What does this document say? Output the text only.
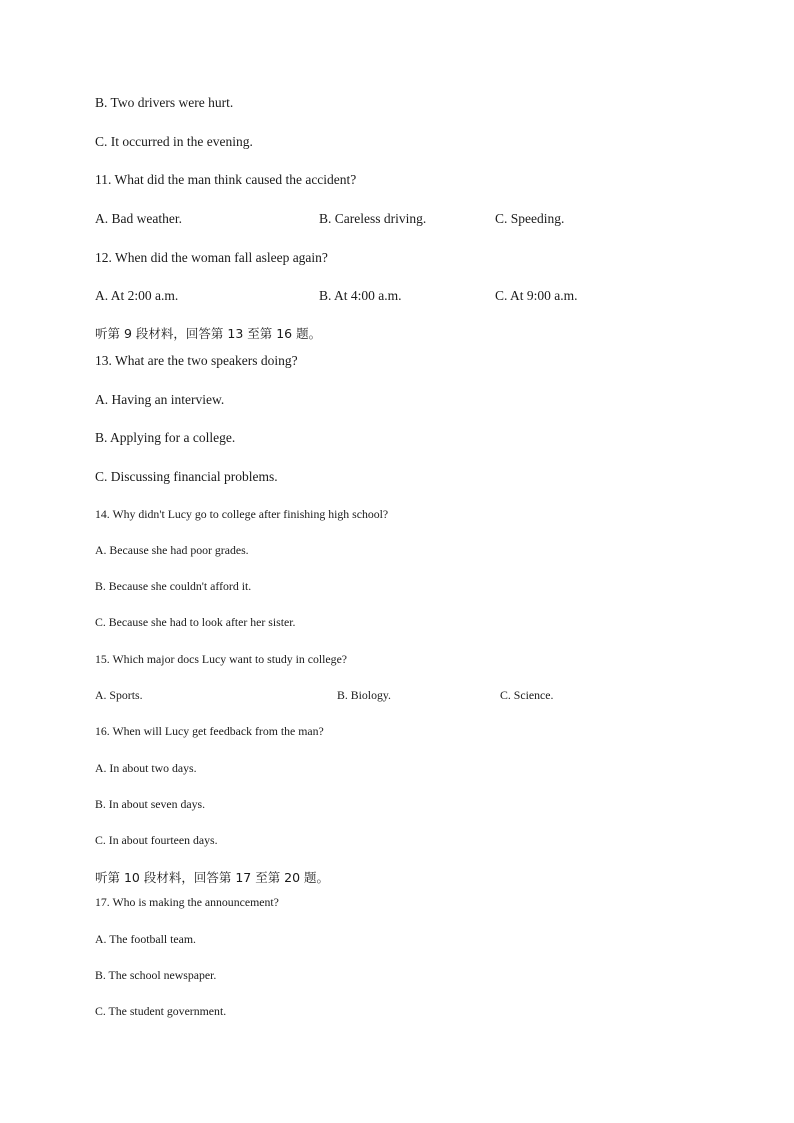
B. Two drivers were hurt.
C. It occurred in the evening.
11. What did the man think caused the accident?
A. Bad weather.	B. Careless driving.	C. Speeding.
12. When did the woman fall asleep again?
A. At 2:00 a.m.	B. At 4:00 a.m.	C. At 9:00 a.m.
听第 9 段材料，回答第 13 至第 16 题。
13. What are the two speakers doing?
A. Having an interview.
B. Applying for a college.
C. Discussing financial problems.
14. Why didn't Lucy go to college after finishing high school?
A. Because she had poor grades.
B. Because she couldn't afford it.
C. Because she had to look after her sister.
15. Which major docs Lucy want to study in college?
A. Sports.	B. Biology.	C. Science.
16. When will Lucy get feedback from the man?
A. In about two days.
B. In about seven days.
C. In about fourteen days.
听第 10 段材料，回答第 17 至第 20 题。
17. Who is making the announcement?
A. The football team.
B. The school newspaper.
C. The student government.
